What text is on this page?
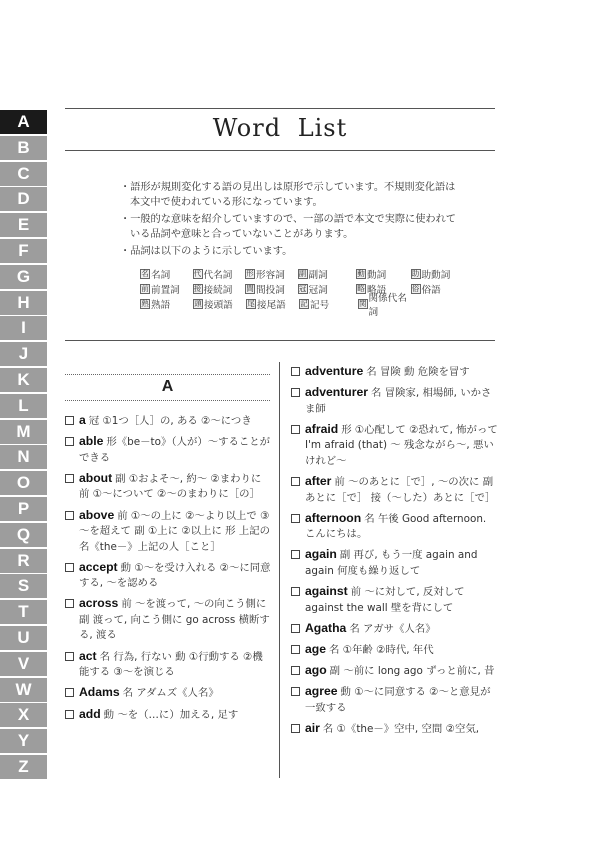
A
B
C
D
E
F
G
H
I
J
K
L
M
N
O
P
Q
R
S
T
U
V
W
X
Y
Z
Word List
・ 語形が規則変化する語の見出しは原形で示しています。不規則変化語は本文中で使われている形になっています。
・ 一般的な意味を紹介していますので、一部の語で本文で実際に使われている品詞や意味と合っていないことがあります。
・ 品詞は以下のように示しています。
名 名詞	代 代名詞 形 形容詞 副 副詞	動 動詞	助 助動詞
前 前置詞 接 接続詞 間 間投詞 冠 冠詞	略 略語	俗 俗語
熟 熟語	頭 接頭語 尾 接尾語 記 記号	関 関係代名詞
A
a 冠 ①1つ［人］の, ある ②～につき
able 形《be－to》（人が）～することができる
about 副 ①およそ～, 約～ ②まわりに 前 ①～について ②～のまわりに［の］
above 前 ①～の上に ②～より以上で ③～を超えて 副 ①上に ②以上に 形 上記の 名《the－》上記の人［こと］
accept 動 ①～を受け入れる ②～に同意する, ～を認める
across 前 ～を渡って, ～の向こう側に 副 渡って, 向こう側に go across 横断する, 渡る
act 名 行為, 行ない 動 ①行動する ②機能する ③～を演じる
Adams 名 アダムズ《人名》
add 動 ～を（…に）加える, 足す
adventure 名 冒険 動 危険を冒す
adventurer 名 冒険家, 相場師, いかさま師
afraid 形 ①心配して ②恐れて, 怖がって I'm afraid (that) ～ 残念ながら～, 悪いけれど～
after 前 ～のあとに［で］, ～の次に 副 あとに［で］ 接（～した）あとに［で］
afternoon 名 午後 Good afternoon. こんにちは。
again 副 再び, もう一度 again and again 何度も繰り返して
against 前 ～に対して, 反対して against the wall 壁を背にして
Agatha 名 アガサ《人名》
age 名 ①年齢 ②時代, 年代
ago 副 ～前に long ago ずっと前に, 昔
agree 動 ①～に同意する ②～と意見が一致する
air 名 ①《the－》空中, 空間 ②空気,
